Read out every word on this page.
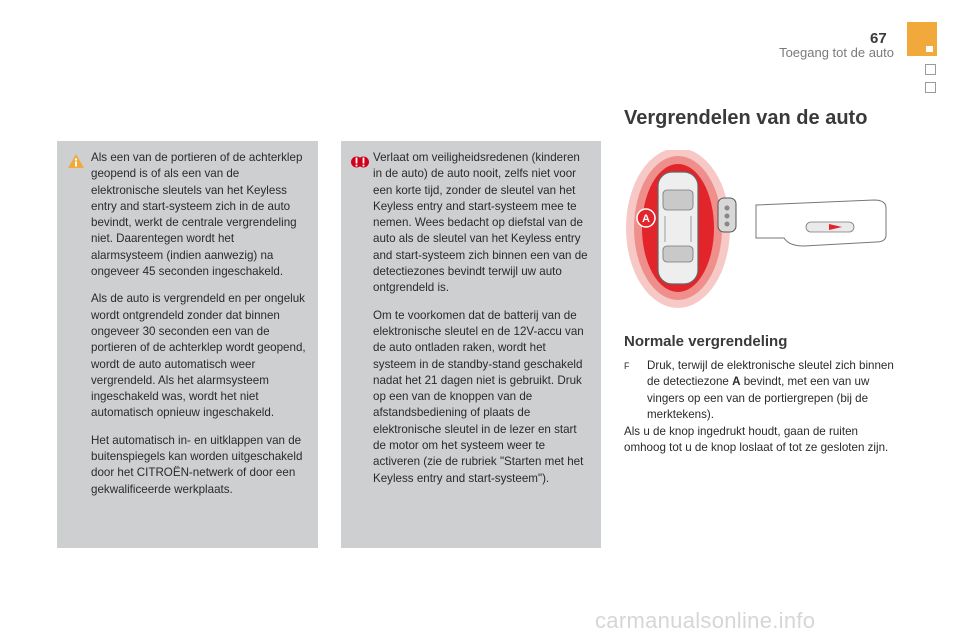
67
Toegang tot de auto

Als een van de portieren of de achterklep geopend is of als een van de elektronische sleutels van het Keyless entry and start-systeem zich in de auto bevindt, werkt de centrale vergrendeling niet. Daarentegen wordt het alarmsysteem (indien aanwezig) na ongeveer 45 seconden ingeschakeld.

Als de auto is vergrendeld en per ongeluk wordt ontgrendeld zonder dat binnen ongeveer 30 seconden een van de portieren of de achterklep wordt geopend, wordt de auto automatisch weer vergrendeld. Als het alarmsysteem ingeschakeld was, wordt het niet automatisch opnieuw ingeschakeld.

Het automatisch in- en uitklappen van de buitenspiegels kan worden uitgeschakeld door het CITROËN-netwerk of door een gekwalificeerde werkplaats.

Verlaat om veiligheidsredenen (kinderen in de auto) de auto nooit, zelfs niet voor een korte tijd, zonder de sleutel van het Keyless entry and start-systeem mee te nemen. Wees bedacht op diefstal van de auto als de sleutel van het Keyless entry and start-systeem zich binnen een van de detectiezones bevindt terwijl uw auto ontgrendeld is.

Om te voorkomen dat de batterij van de elektronische sleutel en de 12V-accu van de auto ontladen raken, wordt het systeem in de standby-stand geschakeld nadat het 21 dagen niet is gebruikt. Druk op een van de knoppen van de afstandsbediening of plaats de elektronische sleutel in de lezer en start de motor om het systeem weer te activeren (zie de rubriek "Starten met het Keyless entry and start-systeem").

Vergrendelen van de auto
A
Normale vergrendeling
F Druk, terwijl de elektronische sleutel zich binnen de detectiezone A bevindt, met een van uw vingers op een van de portiergrepen (bij de merktekens).
Als u de knop ingedrukt houdt, gaan de ruiten omhoog tot u de knop loslaat of tot ze gesloten zijn.
carmanualsonline.info
